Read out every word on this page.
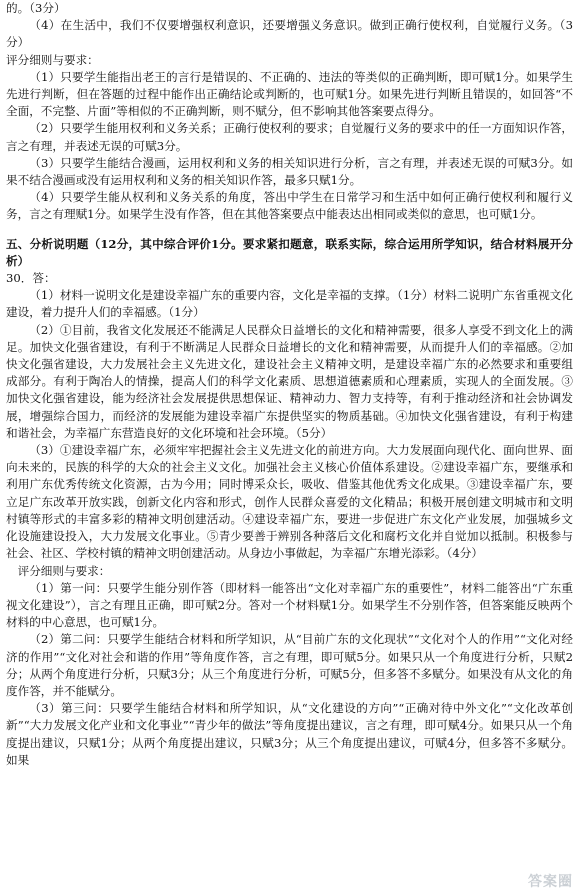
的。（3分）

（4）在生活中，我们不仅要增强权利意识，还要增强义务意识。做到正确行使权利，自觉履行义务。（3分）

评分细则与要求：

（1）只要学生能指出老王的言行是错误的、不正确的、违法的等类似的正确判断，即可赋1分。如果学生先进行判断，但在答题的过程中能作出正确结论或判断的，也可赋1分。如果先进行判断且错误的，如回答“不全面，不完整、片面”等相似的不正确判断，则不赋分，但不影响其他答案要点得分。

（2）只要学生能用权利和义务关系；正确行使权利的要求；自觉履行义务的要求中的任一方面知识作答，言之有理，并表述无误的可赋3分。

（3）只要学生能结合漫画，运用权利和义务的相关知识进行分析，言之有理，并表述无误的可赋3分。如果不结合漫画或没有运用权利和义务的相关知识作答，最多只赋1分。

（4）只要学生能从权利和义务关系的角度，答出中学生在日常学习和生活中如何正确行使权利和履行义务，言之有理赋1分。如果学生没有作答，但在其他答案要点中能表达出相同或类似的意思，也可赋1分。

五、分析说明题（12分，其中综合评价1分。要求紧扣题意，联系实际，综合运用所学知识，结合材料展开分析）

30．答：

（1）材料一说明文化是建设幸福广东的重要内容，文化是幸福的支撑。（1分）材料二说明广东省重视文化建设，着力提升人们的幸福感。（1分）

（2）①目前，我省文化发展还不能满足人民群众日益增长的文化和精神需要，很多人享受不到文化上的满足。加快文化强省建设，有利于不断满足人民群众日益增长的文化和精神需要，从而提升人们的幸福感。②加快文化强省建设，大力发展社会主义先进文化，建设社会主义精神文明，是建设幸福广东的必然要求和重要组成部分。有利于陶冶人的情操，提高人们的科学文化素质、思想道德素质和心理素质，实现人的全面发展。③加快文化强省建设，能为经济社会发展提供思想保证、精神动力、智力支持等，有利于推动经济和社会协调发展，增强综合国力，而经济的发展能为建设幸福广东提供坚实的物质基础。④加快文化强省建设，有利于构建和谐社会，为幸福广东营造良好的文化环境和社会环境。（5分）

（3）①建设幸福广东，必须牢牢把握社会主义先进文化的前进方向。大力发展面向现代化、面向世界、面向未来的，民族的科学的大众的社会主义文化。加强社会主义核心价值体系建设。②建设幸福广东，要继承和利用广东优秀传统文化资源，古为今用；同时博采众长，吸收、借鉴其他优秀文化成果。③建设幸福广东，要立足广东改革开放实践，创新文化内容和形式，创作人民群众喜爱的文化精品；积极开展创建文明城市和文明村镇等形式的丰富多彩的精神文明创建活动。④建设幸福广东，要进一步促进广东文化产业发展，加强城乡文化设施建设投入，大力发展文化事业。⑤青少要善于辨别各种落后文化和腐朽文化并自觉加以抵制。积极参与社会、社区、学校村镇的精神文明创建活动。从身边小事做起，为幸福广东增光添彩。（4分）

评分细则与要求：

（1）第一问：只要学生能分别作答（即材料一能答出“文化对幸福广东的重要性”，材料二能答出“广东重视文化建设”），言之有理且正确，即可赋2分。答对一个材料赋1分。如果学生不分别作答，但答案能反映两个材料的中心意思，也可赋1分。

（2）第二问：只要学生能结合材料和所学知识，从“目前广东的文化现状”“文化对个人的作用”“文化对经济的作用”“文化对社会和谐的作用”等角度作答，言之有理，即可赋5分。如果只从一个角度进行分析，只赋2分；从两个角度进行分析，只赋3分；从三个角度进行分析，可赋5分，但多答不多赋分。如果没有从文化的角度作答，并不能赋分。

（3）第三问：只要学生能结合材料和所学知识，从“文化建设的方向”“正确对待中外文化”“文化改革创新”“大力发展文化产业和文化事业”“青少年的做法”等角度提出建议，言之有理，即可赋4分。如果只从一个角度提出建议，只赋1分；从两个角度提出建议，只赋3分；从三个角度提出建议，可赋4分，但多答不多赋分。如果

答案圈
